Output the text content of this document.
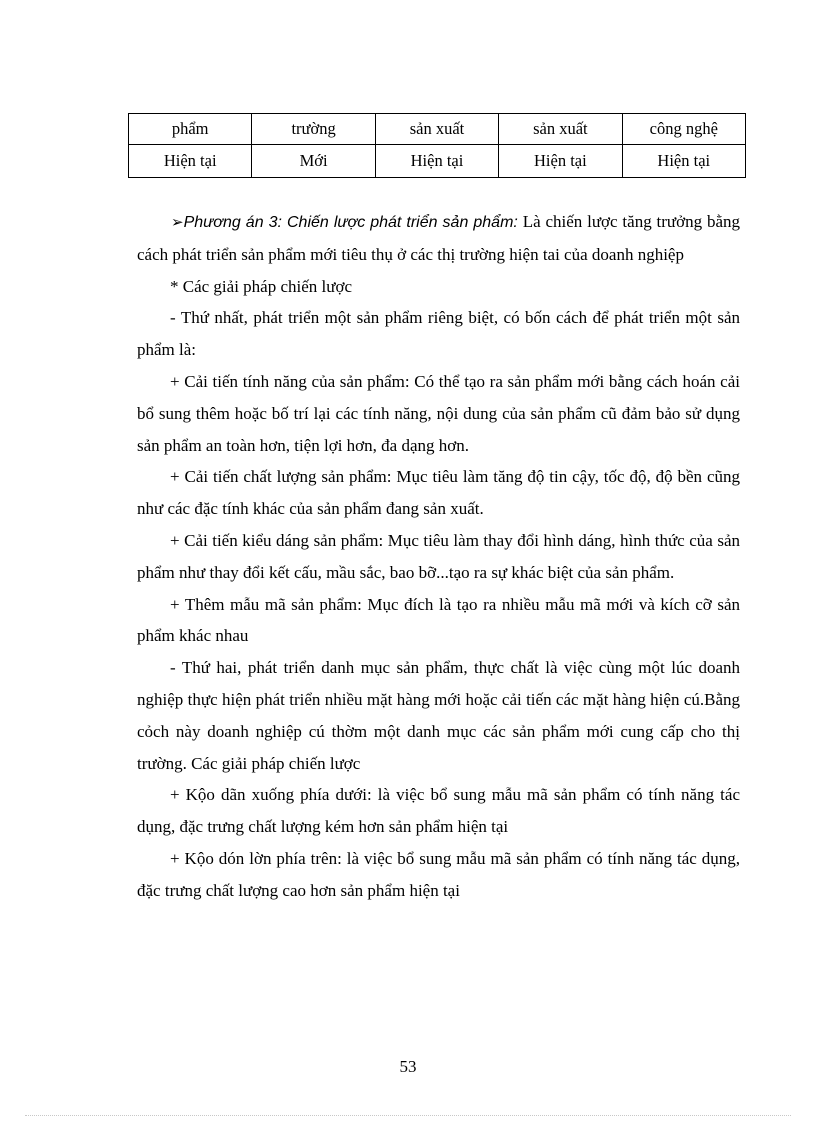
phẩm	trường	sản xuất	sản xuất	công nghệ
Hiện tại	Mới	Hiện tại	Hiện tại	Hiện tại

➢Phương án 3: Chiến lược phát triển sản phẩm: Là chiến lược tăng trưởng bằng cách phát triển sản phẩm mới tiêu thụ ở các thị trường hiện tai của doanh nghiệp

* Các giải pháp chiến lược

- Thứ nhất, phát triển một sản phẩm riêng biệt, có bốn cách để phát triển một sản phẩm là:

+ Cải tiến tính năng của sản phẩm: Có thể tạo ra sản phẩm mới bằng cách hoán cải bổ sung thêm hoặc bố trí lại các tính năng, nội dung của sản phẩm cũ đảm bảo sử dụng sản phẩm an toàn hơn, tiện lợi hơn, đa dạng hơn.

+ Cải tiến chất lượng sản phẩm: Mục tiêu làm tăng độ tin cậy, tốc độ, độ bền cũng như các đặc tính khác của sản phẩm đang sản xuất.

+ Cải tiến kiểu dáng sản phẩm: Mục tiêu làm thay đổi hình dáng, hình thức của sản phẩm như thay đổi kết cấu, mầu sắc, bao bỡ...tạo ra sự khác biệt của sản phẩm.

+ Thêm mẫu mã sản phẩm: Mục đích là tạo ra nhiều mẫu mã mới và kích cỡ sản phẩm khác nhau

- Thứ hai, phát triển danh mục sản phẩm, thực chất là việc cùng một lúc doanh nghiệp thực hiện phát triển nhiều mặt hàng mới hoặc cải tiến các mặt hàng hiện cú.Bằng cỏch này doanh nghiệp cú thờm một danh mục các sản phẩm mới cung cấp cho thị trường. Các giải pháp chiến lược

+ Kộo dãn xuống phía dưới: là việc bổ sung mẫu mã sản phẩm có tính năng tác dụng, đặc trưng chất lượng kém hơn sản phẩm hiện tại

+ Kộo dón lờn phía trên: là việc bổ sung mẫu mã sản phẩm có tính năng tác dụng, đặc trưng chất lượng cao hơn sản phẩm hiện tại

53
